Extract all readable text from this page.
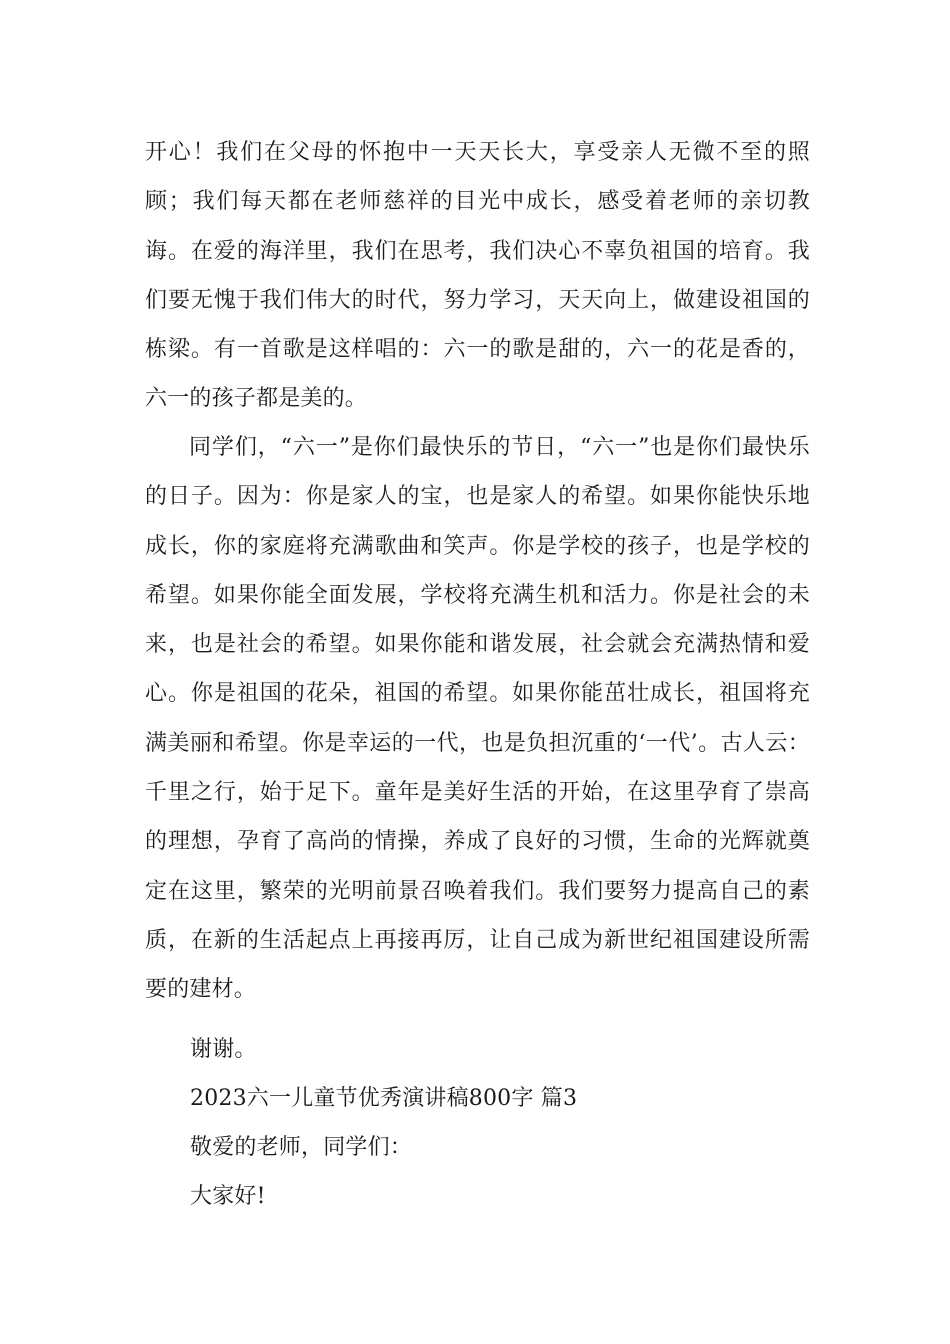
开心！我们在父母的怀抱中一天天长大，享受亲人无微不至的照顾；我们每天都在老师慈祥的目光中成长，感受着老师的亲切教诲。在爱的海洋里，我们在思考，我们决心不辜负祖国的培育。我们要无愧于我们伟大的时代，努力学习，天天向上，做建设祖国的栋梁。有一首歌是这样唱的：六一的歌是甜的，六一的花是香的，六一的孩子都是美的。

同学们，“六一”是你们最快乐的节日，“六一”也是你们最快乐的日子。因为：你是家人的宝，也是家人的希望。如果你能快乐地成长，你的家庭将充满歌曲和笑声。你是学校的孩子，也是学校的希望。如果你能全面发展，学校将充满生机和活力。你是社会的未来，也是社会的希望。如果你能和谐发展，社会就会充满热情和爱心。你是祖国的花朵，祖国的希望。如果你能茁壮成长，祖国将充满美丽和希望。你是幸运的一代，也是负担沉重的‘一代’。古人云：千里之行，始于足下。童年是美好生活的开始，在这里孕育了崇高的理想，孕育了高尚的情操，养成了良好的习惯，生命的光辉就奠定在这里，繁荣的光明前景召唤着我们。我们要努力提高自己的素质，在新的生活起点上再接再厉，让自己成为新世纪祖国建设所需要的建材。

谢谢。

2023六一儿童节优秀演讲稿800字 篇3

敬爱的老师，同学们：

大家好!
